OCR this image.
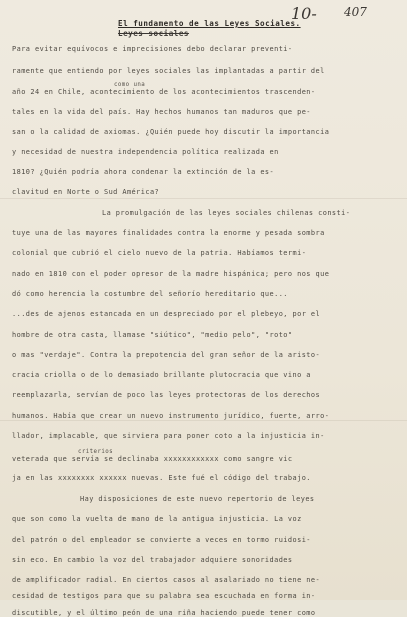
10- 407
El fundamento de las Leyes Sociales.
Leyes sociales
como una
criterios
Para evitar equívocos e imprecisiones debo declarar preventi-
ramente que entiendo por leyes sociales las implantadas a partir del
año 24 en Chile, acontecimiento de los acontecimientos trascenden-
tales en la vida del país. Hay hechos humanos tan maduros que pe-
san o la calidad de axiomas. ¿Quién puede hoy discutir la importancia
y necesidad de nuestra independencia política realizada en
1810? ¿Quién podría ahora condenar la extinción de la es-
clavitud en Norte o Sud América?
La promulgación de las leyes sociales chilenas consti-
tuye una de las mayores finalidades contra la enorme y pesada sombra
colonial que cubrió el cielo nuevo de la patria. Habíamos termi-
nado en 1810 con el poder opresor de la madre hispánica; pero nos que
dó como herencia la costumbre del señorío hereditario que...
...des de ajenos estancada en un despreciado por el plebeyo, por el
hombre de otra casta, llamase "siútico", "medio pelo", "roto"
o mas "verdaje". Contra la prepotencia del gran señor de la aristo-
cracia criolla o de lo demasiado brillante plutocracia que vino a
reemplazarla, servían de poco las leyes protectoras de los derechos
humanos. Había que crear un nuevo instrumento jurídico, fuerte, arro-
llador, implacable, que sirviera para poner coto a la injusticia in-
veterada que servía se declinaba xxxxxxxxxxxx como sangre vic
ja en las xxxxxxxx xxxxxx nuevas. Este fué el código del trabajo.
Hay disposiciones de este nuevo repertorio de leyes
que son como la vuelta de mano de la antigua injusticia. La voz
del patrón o del empleador se convierte a veces en tormo ruidosi-
sin eco. En cambio la voz del trabajador adquiere sonoridades
de amplificador radial. En ciertos casos al asalariado no tiene ne-
cesidad de testigos para que su palabra sea escuchada en forma in-
discutible, y el último peón de una riña haciendo puede tener como
